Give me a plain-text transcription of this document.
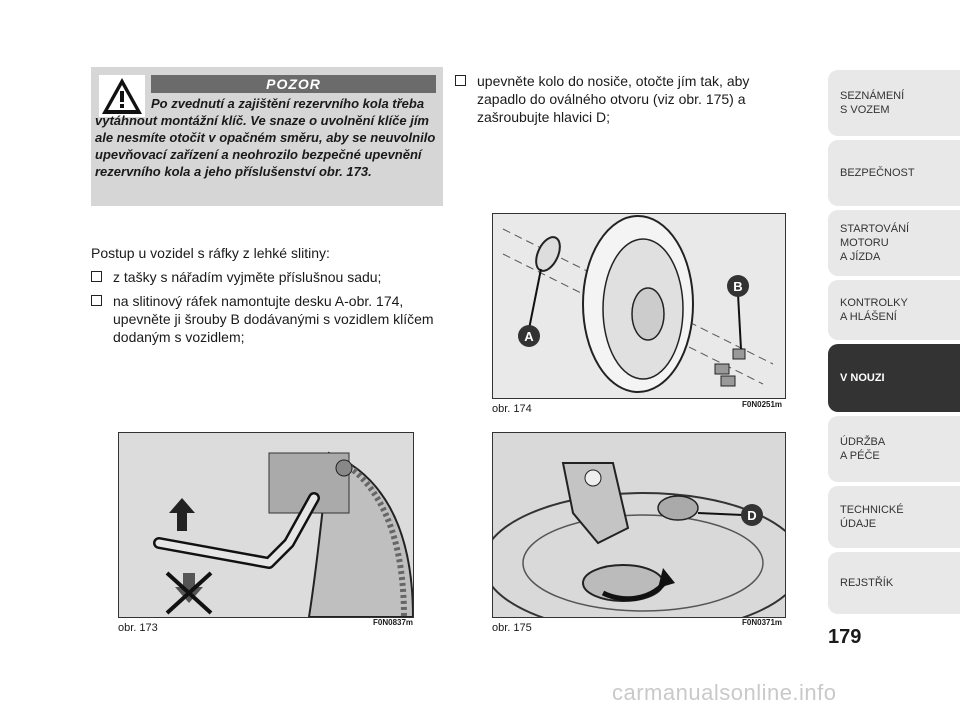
POZOR
Po zvednutí a zajištění rezervního kola třeba vytáhnout montážní klíč. Ve snaze o uvolnění klíče jím ale nesmíte otočit v opačném směru, aby se neuvolnilo upevňovací zařízení a neohrozilo bezpečné upevnění rezervního kola a jeho příslušenství obr. 173.

Postup u vozidel s ráfky z lehké slitiny:

z tašky s nářadím vyjměte příslušnou sadu;
na slitinový ráfek namontujte desku A-obr. 174, upevněte ji šrouby B dodávanými s vozidlem klíčem dodaným s vozidlem;
upevněte kolo do nosiče, otočte jím tak, aby zapadlo do oválného otvoru (viz obr. 175) a zašroubujte hlavici D;
A
B
obr. 174	F0N0251m
obr. 173	F0N0837m
D
obr. 175	F0N0371m
SEZNÁMENÍ
S VOZEM
BEZPEČNOST
STARTOVÁNÍ
MOTORU
A JÍZDA
KONTROLKY
A HLÁŠENÍ
V NOUZI
ÚDRŽBA
A PÉČE
TECHNICKÉ
ÚDAJE
REJSTŘÍK
179
carmanualsonline.info
